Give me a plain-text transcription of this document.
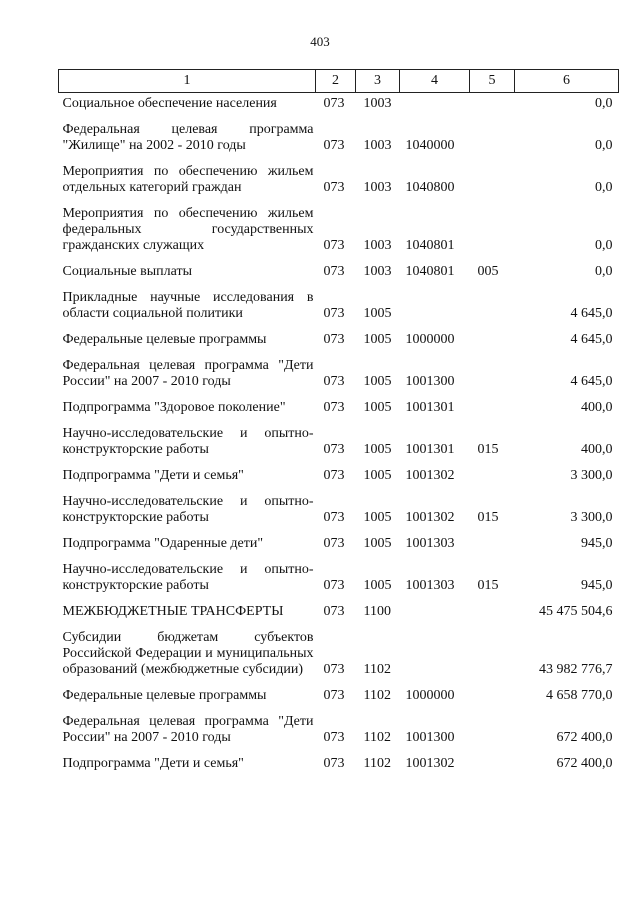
403
1	2	3	4	5	6
Социальное обеспечение населения	073	1003			0,0
Федеральная целевая программа "Жилище" на 2002 - 2010 годы	073	1003	1040000		0,0
Мероприятия по обеспечению жильем отдельных категорий граждан	073	1003	1040800		0,0
Мероприятия по обеспечению жильем федеральных государственных гражданских служащих	073	1003	1040801		0,0
Социальные выплаты	073	1003	1040801	005	0,0
Прикладные научные исследования в области социальной политики	073	1005			4 645,0
Федеральные целевые программы	073	1005	1000000		4 645,0
Федеральная целевая программа "Дети России" на 2007 - 2010 годы	073	1005	1001300		4 645,0
Подпрограмма "Здоровое поколение"	073	1005	1001301		400,0
Научно-исследовательские и опытно-конструкторские работы	073	1005	1001301	015	400,0
Подпрограмма "Дети и семья"	073	1005	1001302		3 300,0
Научно-исследовательские и опытно-конструкторские работы	073	1005	1001302	015	3 300,0
Подпрограмма "Одаренные дети"	073	1005	1001303		945,0
Научно-исследовательские и опытно-конструкторские работы	073	1005	1001303	015	945,0
МЕЖБЮДЖЕТНЫЕ ТРАНСФЕРТЫ	073	1100			45 475 504,6
Субсидии бюджетам субъектов Российской Федерации и муниципальных образований (межбюджетные субсидии)	073	1102			43 982 776,7
Федеральные целевые программы	073	1102	1000000		4 658 770,0
Федеральная целевая программа "Дети России" на 2007 - 2010 годы	073	1102	1001300		672 400,0
Подпрограмма "Дети и семья"	073	1102	1001302		672 400,0
